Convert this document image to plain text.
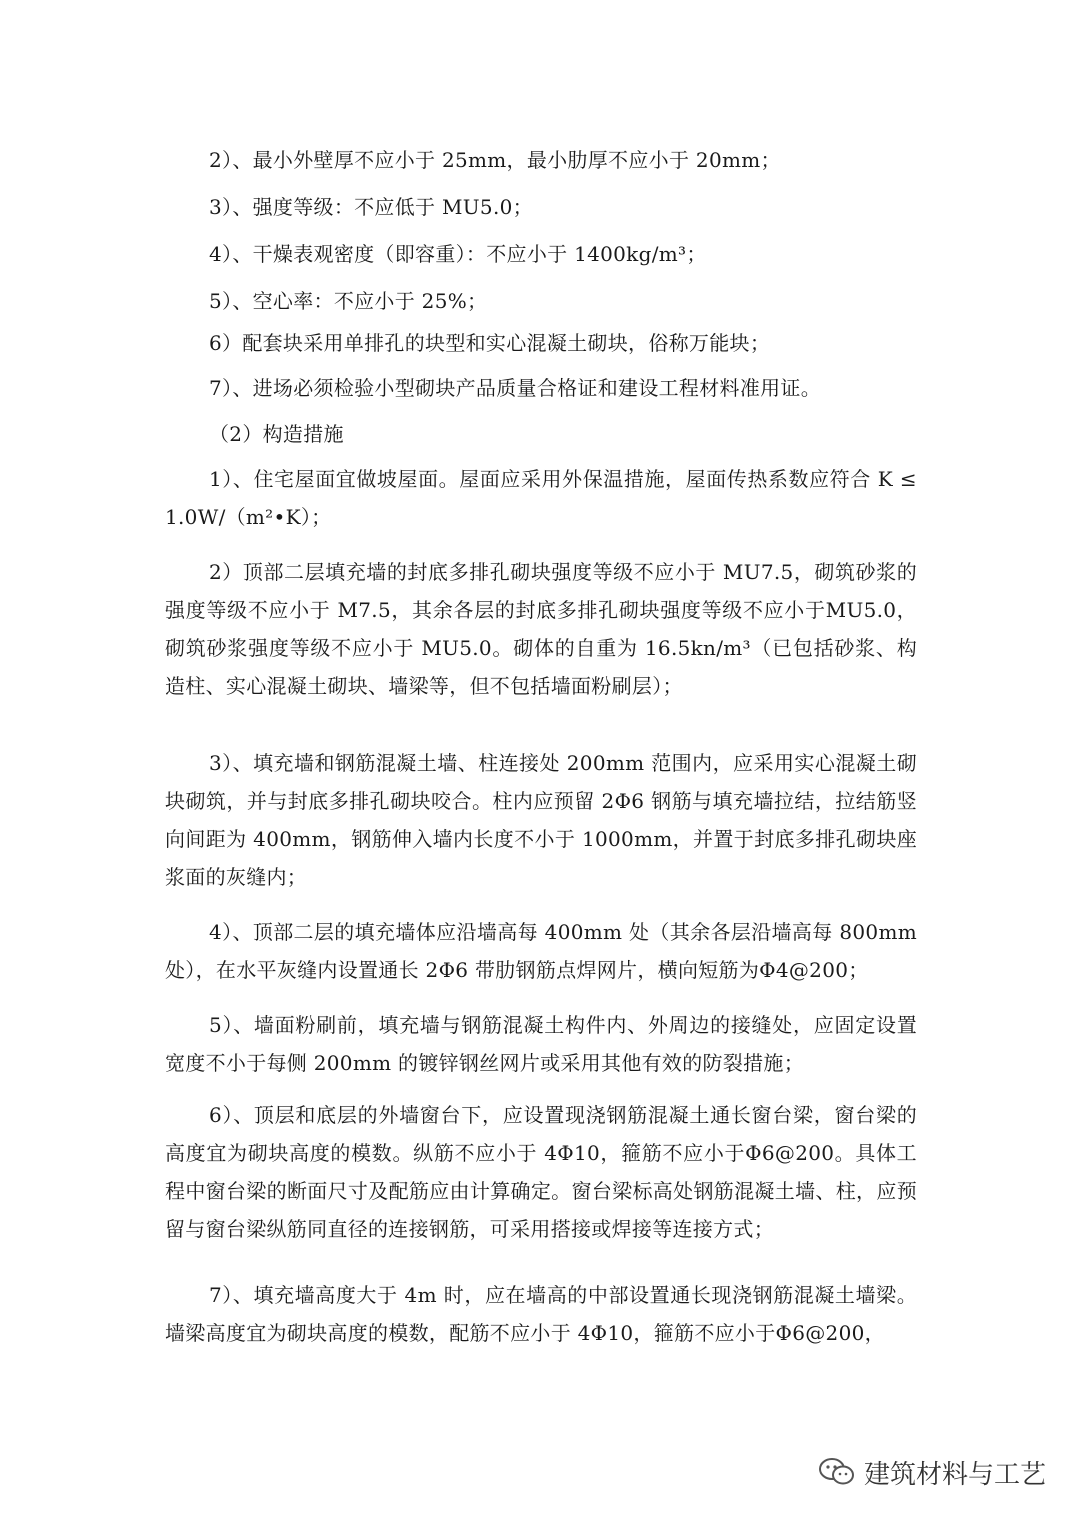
2）、最小外壁厚不应小于 25mm，最小肋厚不应小于 20mm；

3）、强度等级：不应低于 MU5.0；

4）、干燥表观密度（即容重）：不应小于 1400kg/m³；

5）、空心率：不应小于 25%；

6）配套块采用单排孔的块型和实心混凝土砌块，俗称万能块；

7）、进场必须检验小型砌块产品质量合格证和建设工程材料准用证。

（2）构造措施

1）、住宅屋面宜做坡屋面。屋面应采用外保温措施，屋面传热系数应符合 K ≤1.0W/（m²•K）；

2）顶部二层填充墙的封底多排孔砌块强度等级不应小于 MU7.5，砌筑砂浆的强度等级不应小于 M7.5，其余各层的封底多排孔砌块强度等级不应小于MU5.0，砌筑砂浆强度等级不应小于 MU5.0。砌体的自重为 16.5kn/m³（已包括砂浆、构造柱、实心混凝土砌块、墙梁等，但不包括墙面粉刷层）；

3）、填充墙和钢筋混凝土墙、柱连接处 200mm 范围内，应采用实心混凝土砌块砌筑，并与封底多排孔砌块咬合。柱内应预留 2Φ6 钢筋与填充墙拉结，拉结筋竖向间距为 400mm，钢筋伸入墙内长度不小于 1000mm，并置于封底多排孔砌块座浆面的灰缝内；

4）、顶部二层的填充墙体应沿墙高每 400mm 处（其余各层沿墙高每 800mm 处），在水平灰缝内设置通长 2Φ6 带肋钢筋点焊网片，横向短筋为Φ4@200；

5）、墙面粉刷前，填充墙与钢筋混凝土构件内、外周边的接缝处，应固定设置宽度不小于每侧 200mm 的镀锌钢丝网片或采用其他有效的防裂措施；

6）、顶层和底层的外墙窗台下，应设置现浇钢筋混凝土通长窗台梁，窗台梁的高度宜为砌块高度的模数。纵筋不应小于 4Φ10，箍筋不应小于Φ6@200。具体工程中窗台梁的断面尺寸及配筋应由计算确定。窗台梁标高处钢筋混凝土墙、柱，应预留与窗台梁纵筋同直径的连接钢筋，可采用搭接或焊接等连接方式；

7）、填充墙高度大于 4m 时，应在墙高的中部设置通长现浇钢筋混凝土墙梁。墙梁高度宜为砌块高度的模数，配筋不应小于 4Φ10，箍筋不应小于Φ6@200，

建筑材料与工艺
